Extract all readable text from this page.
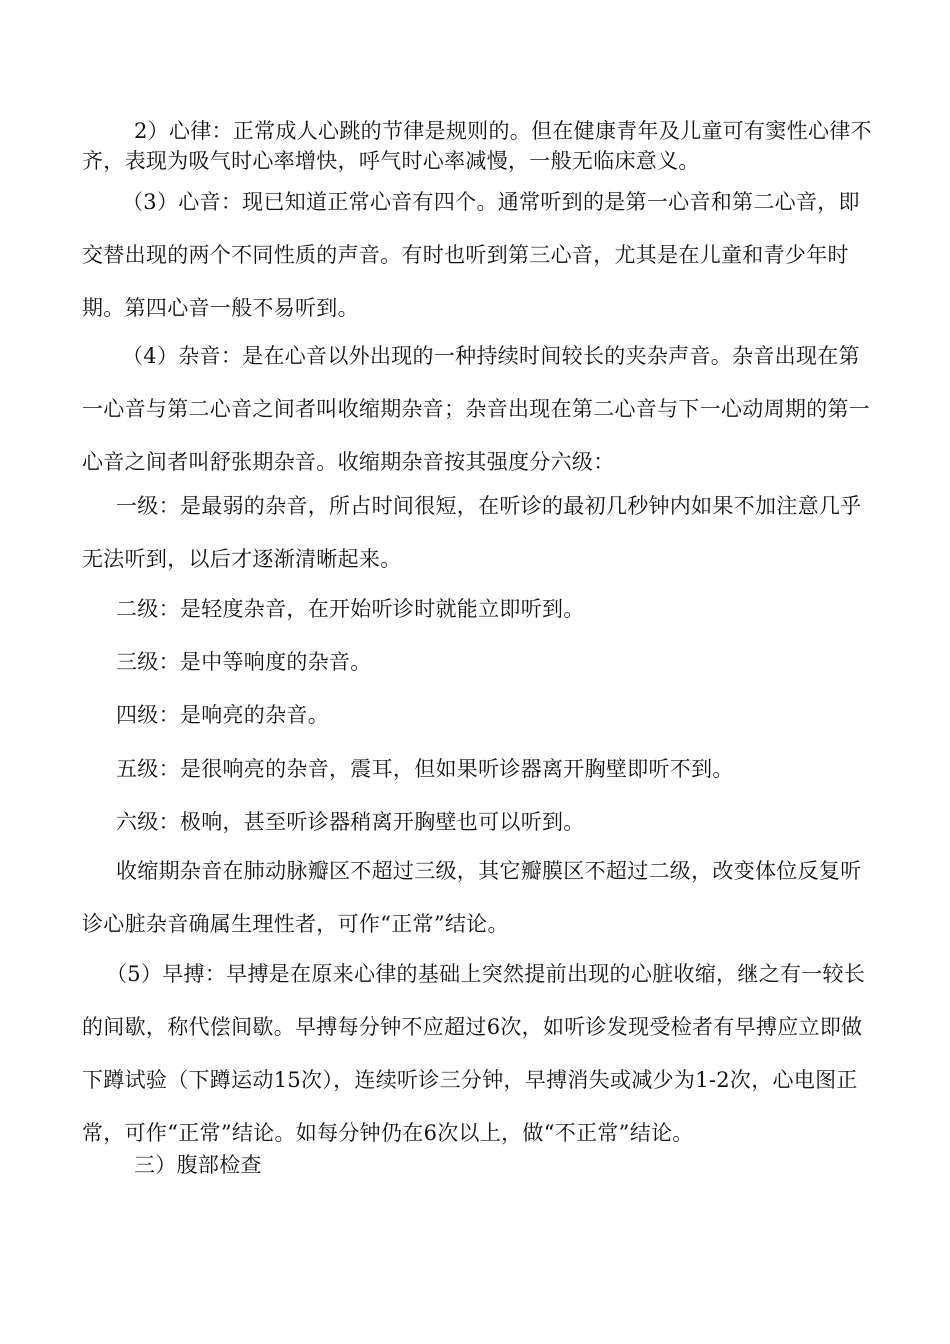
2）心律：正常成人心跳的节律是规则的。但在健康青年及儿童可有窦性心律不齐，表现为吸气时心率增快，呼气时心率减慢，一般无临床意义。

（3）心音：现已知道正常心音有四个。通常听到的是第一心音和第二心音，即交替出现的两个不同性质的声音。有时也听到第三心音，尤其是在儿童和青少年时期。第四心音一般不易听到。

（4）杂音：是在心音以外出现的一种持续时间较长的夹杂声音。杂音出现在第一心音与第二心音之间者叫收缩期杂音；杂音出现在第二心音与下一心动周期的第一心音之间者叫舒张期杂音。收缩期杂音按其强度分六级：

一级：是最弱的杂音，所占时间很短，在听诊的最初几秒钟内如果不加注意几乎无法听到，以后才逐渐清晰起来。

二级：是轻度杂音，在开始听诊时就能立即听到。

三级：是中等响度的杂音。

四级：是响亮的杂音。

五级：是很响亮的杂音，震耳，但如果听诊器离开胸壁即听不到。

六级：极响，甚至听诊器稍离开胸壁也可以听到。

收缩期杂音在肺动脉瓣区不超过三级，其它瓣膜区不超过二级，改变体位反复听诊心脏杂音确属生理性者，可作“正常”结论。

（5）早搏：早搏是在原来心律的基础上突然提前出现的心脏收缩，继之有一较长的间歇，称代偿间歇。早搏每分钟不应超过6次，如听诊发现受检者有早搏应立即做下蹲试验（下蹲运动15次），连续听诊三分钟，早搏消失或减少为1-2次，心电图正常，可作“正常”结论。如每分钟仍在6次以上，做“不正常”结论。

三）腹部检查
